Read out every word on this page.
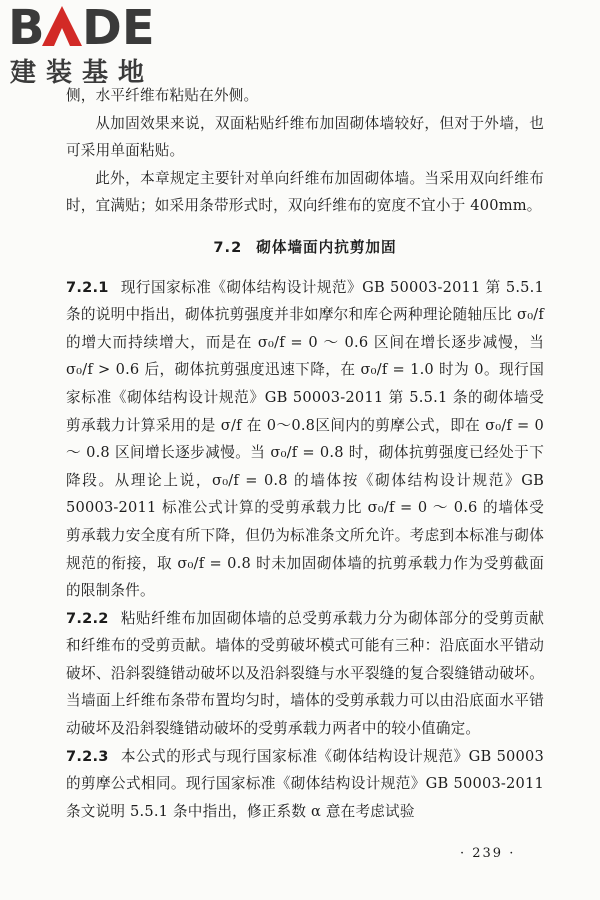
B DE
建装基地

侧，水平纤维布粘贴在外侧。

从加固效果来说，双面粘贴纤维布加固砌体墙较好，但对于外墙，也可采用单面粘贴。

此外，本章规定主要针对单向纤维布加固砌体墙。当采用双向纤维布时，宜满贴；如采用条带形式时，双向纤维布的宽度不宜小于 400mm。

7.2 砌体墙面内抗剪加固

7.2.1 现行国家标准《砌体结构设计规范》GB 50003-2011 第 5.5.1 条的说明中指出，砌体抗剪强度并非如摩尔和库仑两种理论随轴压比 σ₀/f 的增大而持续增大，而是在 σ₀/f = 0 ～ 0.6 区间在增长逐步减慢，当 σ₀/f > 0.6 后，砌体抗剪强度迅速下降，在 σ₀/f = 1.0 时为 0。现行国家标准《砌体结构设计规范》GB 50003-2011 第 5.5.1 条的砌体墙受剪承载力计算采用的是 σ/f 在 0～0.8区间内的剪摩公式，即在 σ₀/f = 0 ～ 0.8 区间增长逐步减慢。当 σ₀/f = 0.8 时，砌体抗剪强度已经处于下降段。从理论上说，σ₀/f = 0.8 的墙体按《砌体结构设计规范》GB 50003-2011 标准公式计算的受剪承载力比 σ₀/f = 0 ～ 0.6 的墙体受剪承载力安全度有所下降，但仍为标准条文所允许。考虑到本标准与砌体规范的衔接，取 σ₀/f = 0.8 时未加固砌体墙的抗剪承载力作为受剪截面的限制条件。

7.2.2 粘贴纤维布加固砌体墙的总受剪承载力分为砌体部分的受剪贡献和纤维布的受剪贡献。墙体的受剪破坏模式可能有三种：沿底面水平错动破坏、沿斜裂缝错动破坏以及沿斜裂缝与水平裂缝的复合裂缝错动破坏。当墙面上纤维布条带布置均匀时，墙体的受剪承载力可以由沿底面水平错动破坏及沿斜裂缝错动破坏的受剪承载力两者中的较小值确定。

7.2.3 本公式的形式与现行国家标准《砌体结构设计规范》GB 50003 的剪摩公式相同。现行国家标准《砌体结构设计规范》GB 50003-2011 条文说明 5.5.1 条中指出，修正系数 α 意在考虑试验

· 239 ·
